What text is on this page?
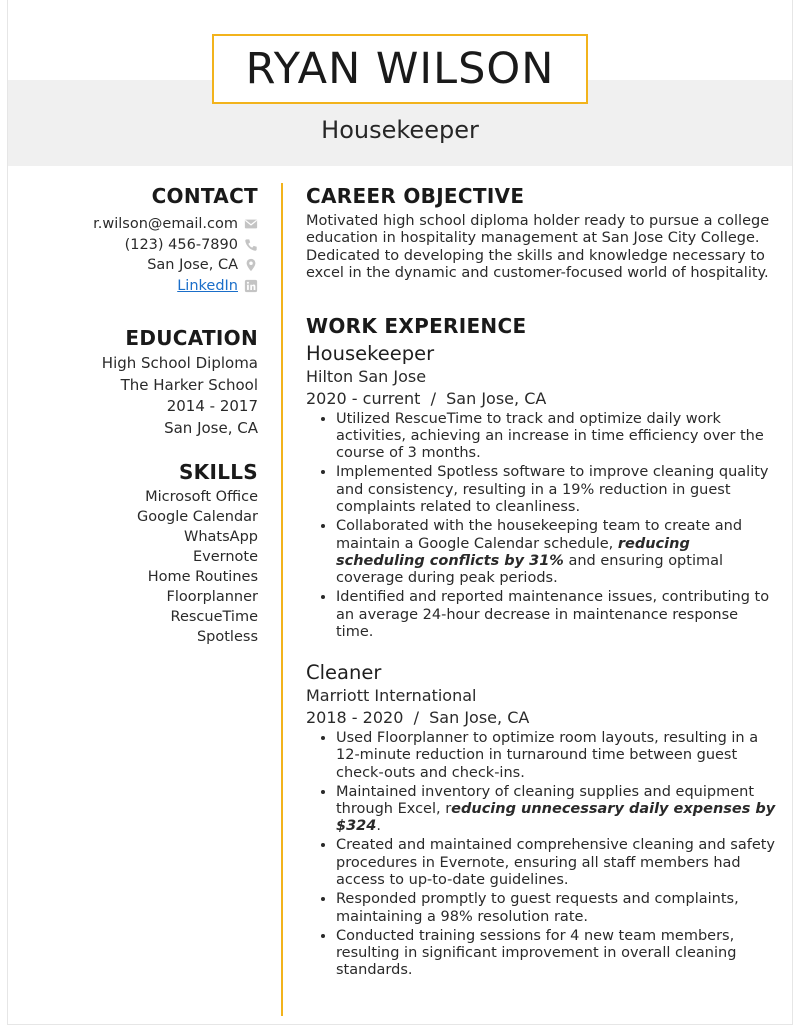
RYAN WILSON
Housekeeper
CONTACT
r.wilson@email.com
(123) 456-7890
San Jose, CA
LinkedIn
EDUCATION
High School Diploma
The Harker School
2014 - 2017
San Jose, CA
SKILLS
Microsoft Office
Google Calendar
WhatsApp
Evernote
Home Routines
Floorplanner
RescueTime
Spotless
CAREER OBJECTIVE
Motivated high school diploma holder ready to pursue a college education in hospitality management at San Jose City College. Dedicated to developing the skills and knowledge necessary to excel in the dynamic and customer-focused world of hospitality.
WORK EXPERIENCE
Housekeeper
Hilton San Jose
2020 - current  /  San Jose, CA
• Utilized RescueTime to track and optimize daily work activities, achieving an increase in time efficiency over the course of 3 months.
• Implemented Spotless software to improve cleaning quality and consistency, resulting in a 19% reduction in guest complaints related to cleanliness.
• Collaborated with the housekeeping team to create and maintain a Google Calendar schedule, reducing scheduling conflicts by 31% and ensuring optimal coverage during peak periods.
• Identified and reported maintenance issues, contributing to an average 24-hour decrease in maintenance response time.
Cleaner
Marriott International
2018 - 2020  /  San Jose, CA
• Used Floorplanner to optimize room layouts, resulting in a 12-minute reduction in turnaround time between guest check-outs and check-ins.
• Maintained inventory of cleaning supplies and equipment through Excel, reducing unnecessary daily expenses by $324.
• Created and maintained comprehensive cleaning and safety procedures in Evernote, ensuring all staff members had access to up-to-date guidelines.
• Responded promptly to guest requests and complaints, maintaining a 98% resolution rate.
• Conducted training sessions for 4 new team members, resulting in significant improvement in overall cleaning standards.
